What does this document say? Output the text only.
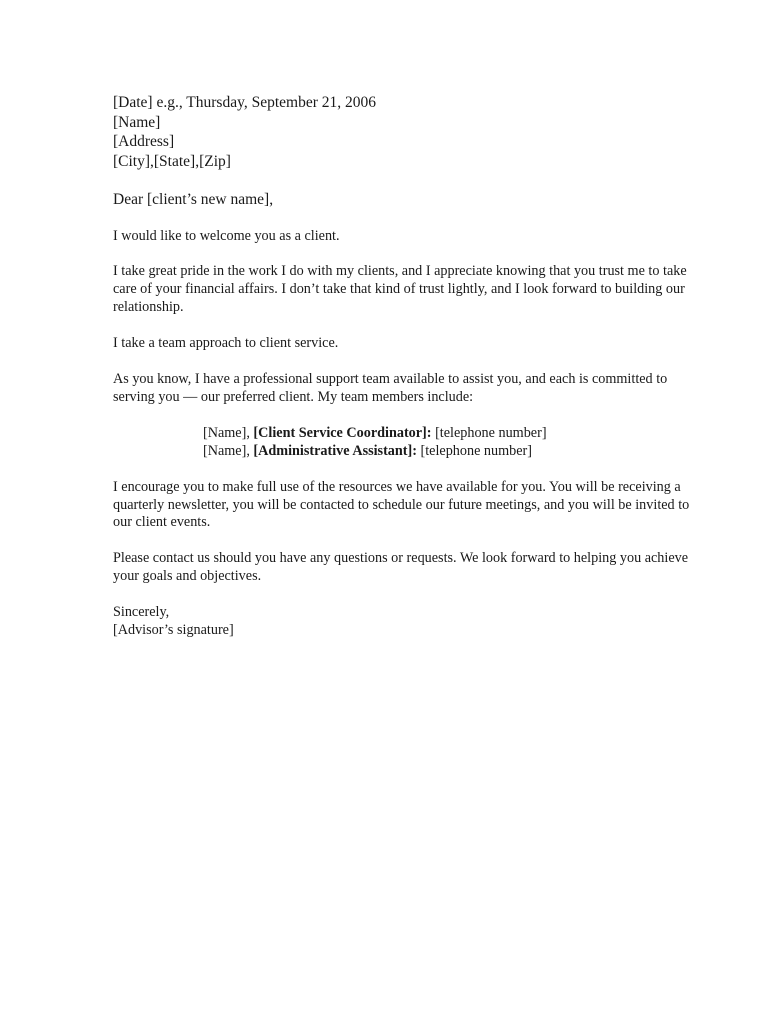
[Date] e.g., Thursday, September 21, 2006
[Name]
[Address]
[City],[State],[Zip]
Dear [client’s new name],
I would like to welcome you as a client.
I take great pride in the work I do with my clients, and I appreciate knowing that you trust me to take care of your financial affairs. I don’t take that kind of trust lightly, and I look forward to building our relationship.
I take a team approach to client service.
As you know, I have a professional support team available to assist you, and each is committed to serving you — our preferred client. My team members include:
[Name], [Client Service Coordinator]: [telephone number]
[Name], [Administrative Assistant]: [telephone number]
I encourage you to make full use of the resources we have available for you. You will be receiving a quarterly newsletter, you will be contacted to schedule our future meetings, and you will be invited to our client events.
Please contact us should you have any questions or requests. We look forward to helping you achieve your goals and objectives.
Sincerely,
[Advisor’s signature]
